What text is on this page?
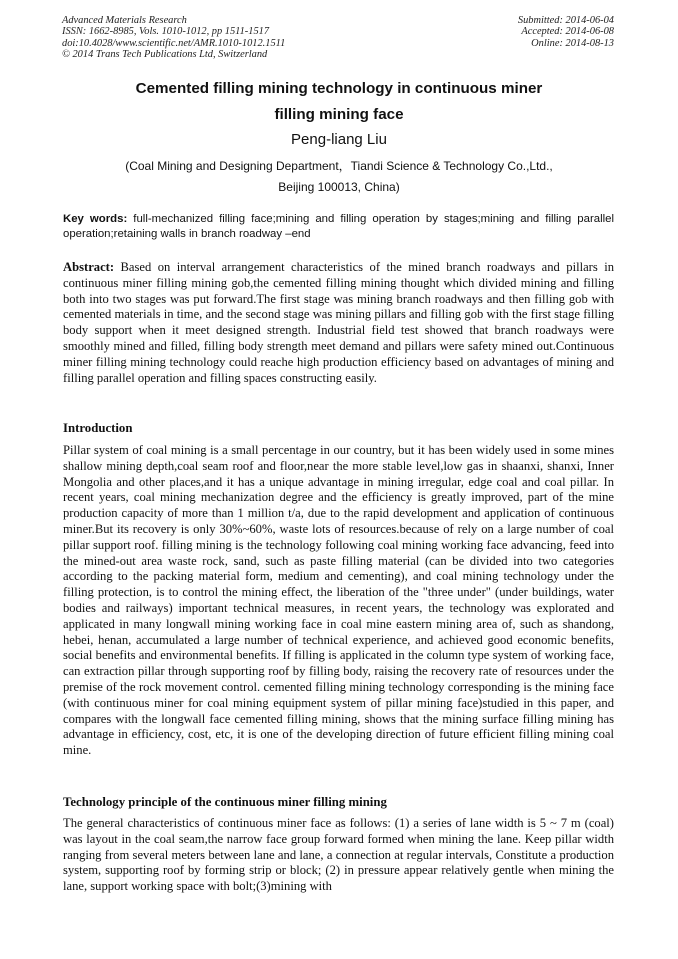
Advanced Materials Research
ISSN: 1662-8985, Vols. 1010-1012, pp 1511-1517
doi:10.4028/www.scientific.net/AMR.1010-1012.1511
© 2014 Trans Tech Publications Ltd, Switzerland
Submitted: 2014-06-04
Accepted: 2014-06-08
Online: 2014-08-13
Cemented filling mining technology in continuous miner
filling mining face
Peng-liang Liu
(Coal Mining and Designing Department，Tiandi Science & Technology Co.,Ltd.,
Beijing 100013, China)
Key words: full-mechanized filling face;mining and filling operation by stages;mining and filling parallel operation;retaining walls in branch roadway –end
Abstract: Based on interval arrangement characteristics of the mined branch roadways and pillars in continuous miner filling mining gob,the cemented filling mining thought which divided mining and filling both into two stages was put forward.The first stage was mining branch roadways and then filling gob with cemented materials in time, and the second stage was mining pillars and filling gob with the first stage filling body support when it meet designed strength. Industrial field test showed that branch roadways were smoothly mined and filled, filling body strength meet demand and pillars were safety mined out.Continuous miner filling mining technology could reache high production efficiency based on advantages of mining and filling parallel operation and filling spaces constructing easily.
Introduction
Pillar system of coal mining is a small percentage in our country, but it has been widely used in some mines shallow mining depth,coal seam roof and floor,near the more stable level,low gas in shaanxi, shanxi, Inner Mongolia and other places,and it has a unique advantage in mining irregular, edge coal and coal pillar. In recent years, coal mining mechanization degree and the efficiency is greatly improved, part of the mine production capacity of more than 1 million t/a, due to the rapid development and application of continuous miner.But its recovery is only 30%~60%, waste lots of resources.because of rely on a large number of coal pillar support roof. filling mining is the technology following coal mining working face advancing, feed into the mined-out area waste rock, sand, such as paste filling material (can be divided into two categories according to the packing material form, medium and cementing), and coal mining technology under the filling protection, is to control the mining effect, the liberation of the "three under" (under buildings, water bodies and railways) important technical measures, in recent years, the technology was explorated and applicated in many longwall mining working face in coal mine eastern mining area of, such as shandong, hebei, henan, accumulated a large number of technical experience, and achieved good economic benefits, social benefits and environmental benefits. If filling is applicated in the column type system of working face, can extraction pillar through supporting roof by filling body, raising the recovery rate of resources under the premise of the rock movement control. cemented filling mining technology corresponding is the mining face (with continuous miner for coal mining equipment system of pillar mining face)studied in this paper, and compares with the longwall face cemented filling mining, shows that the mining surface filling mining has advantage in efficiency, cost, etc, it is one of the developing direction of future efficient filling mining coal mine.
Technology principle of the continuous miner filling mining
The general characteristics of continuous miner face as follows: (1) a series of lane width is 5 ~ 7 m (coal) was layout in the coal seam,the narrow face group forward formed when mining the lane. Keep pillar width ranging from several meters between lane and lane, a connection at regular intervals, Constitute a production system, supporting roof by forming strip or block; (2) in pressure appear relatively gentle when mining the lane, support working space with bolt;(3)mining with
